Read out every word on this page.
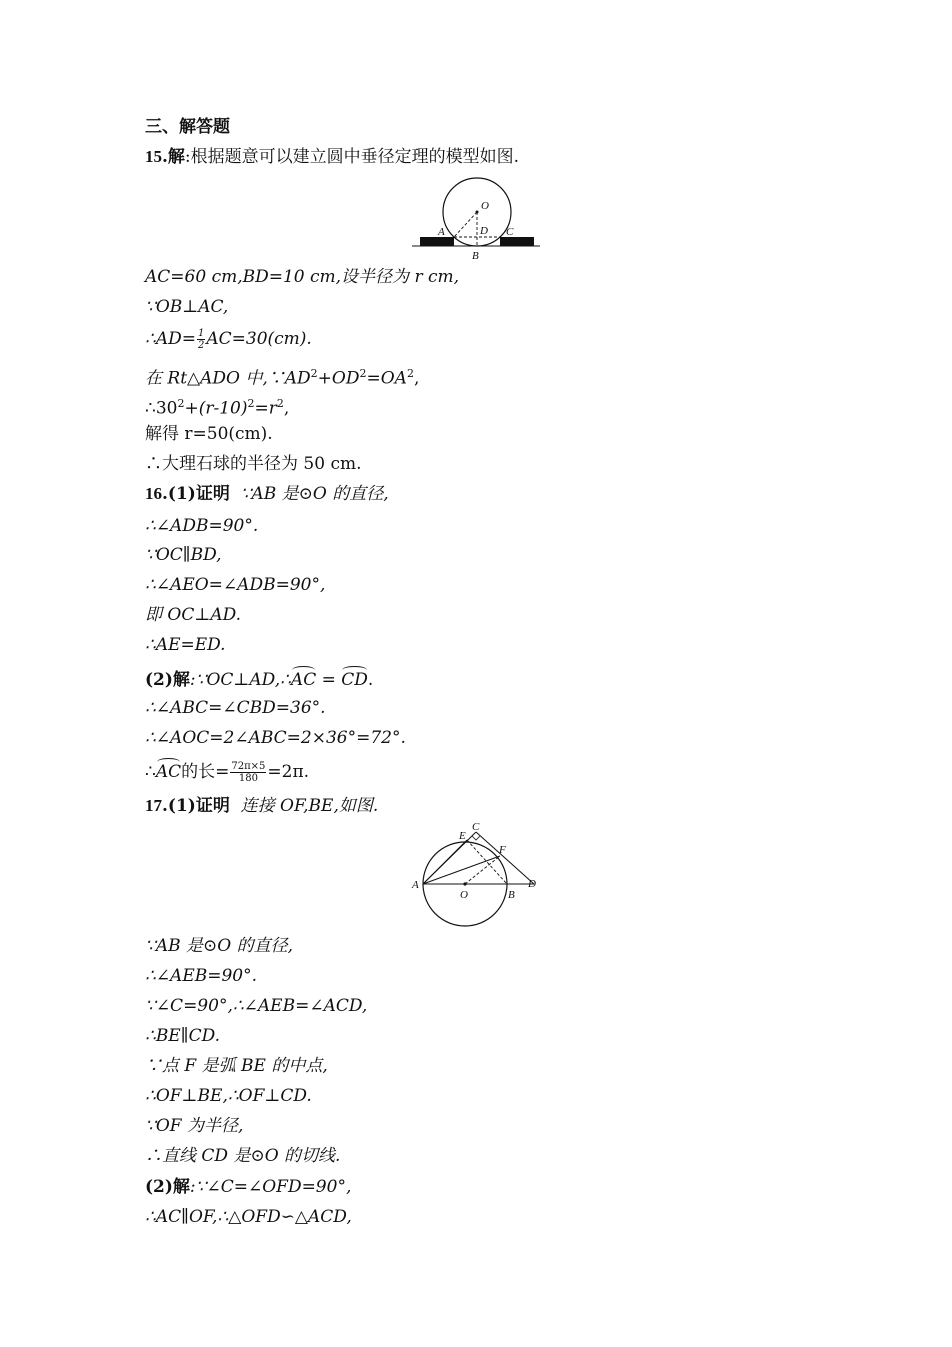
三、解答题
15.解:根据题意可以建立圆中垂径定理的模型如图.
O
A	D C
B
AC=60 cm,BD=10 cm,设半径为 r cm,
∵OB⊥AC,
∴AD= $\frac{1}{2} AC=30(cm)$.
在 Rt△ADO 中$,\because AD^2+OD^2=OA^2$,
$\therefore 30^2+(r-10)^2=r^2$,
解得 r=50(cm).
∴大理石球的半径为 50 cm.
16.(1)证明 ∵AB 是⊙O 的直径,
∴∠ADB=90°.
∵OC∥BD,
∴∠AEO=∠ADB=90°,
即 OC⊥AD.
∴AE=ED.
(2)解:∵OC⊥AD,∴AC = CD.
∴∠ABC=∠CBD=36°.
∴∠AOC=2∠ABC=2×36°=72°.
∴AC的长= $\frac{72\pi\times 5}{180} =2\pi$.
17.(1)证明 连接 OF,BE,如图.
A
O	B
D
E
C
F
∵AB 是⊙O 的直径,
∴∠AEB=90°.
∵∠C=90°,∴∠AEB=∠ACD,
∴BE∥CD.
∵点 F 是弧 BE 的中点,
∴OF⊥BE,∴OF⊥CD.
∵OF 为半径,
∴直线 CD 是⊙O 的切线.
(2)解:∵∠C=∠OFD=90°,
∴AC∥OF,∴△OFD∽△ACD,
